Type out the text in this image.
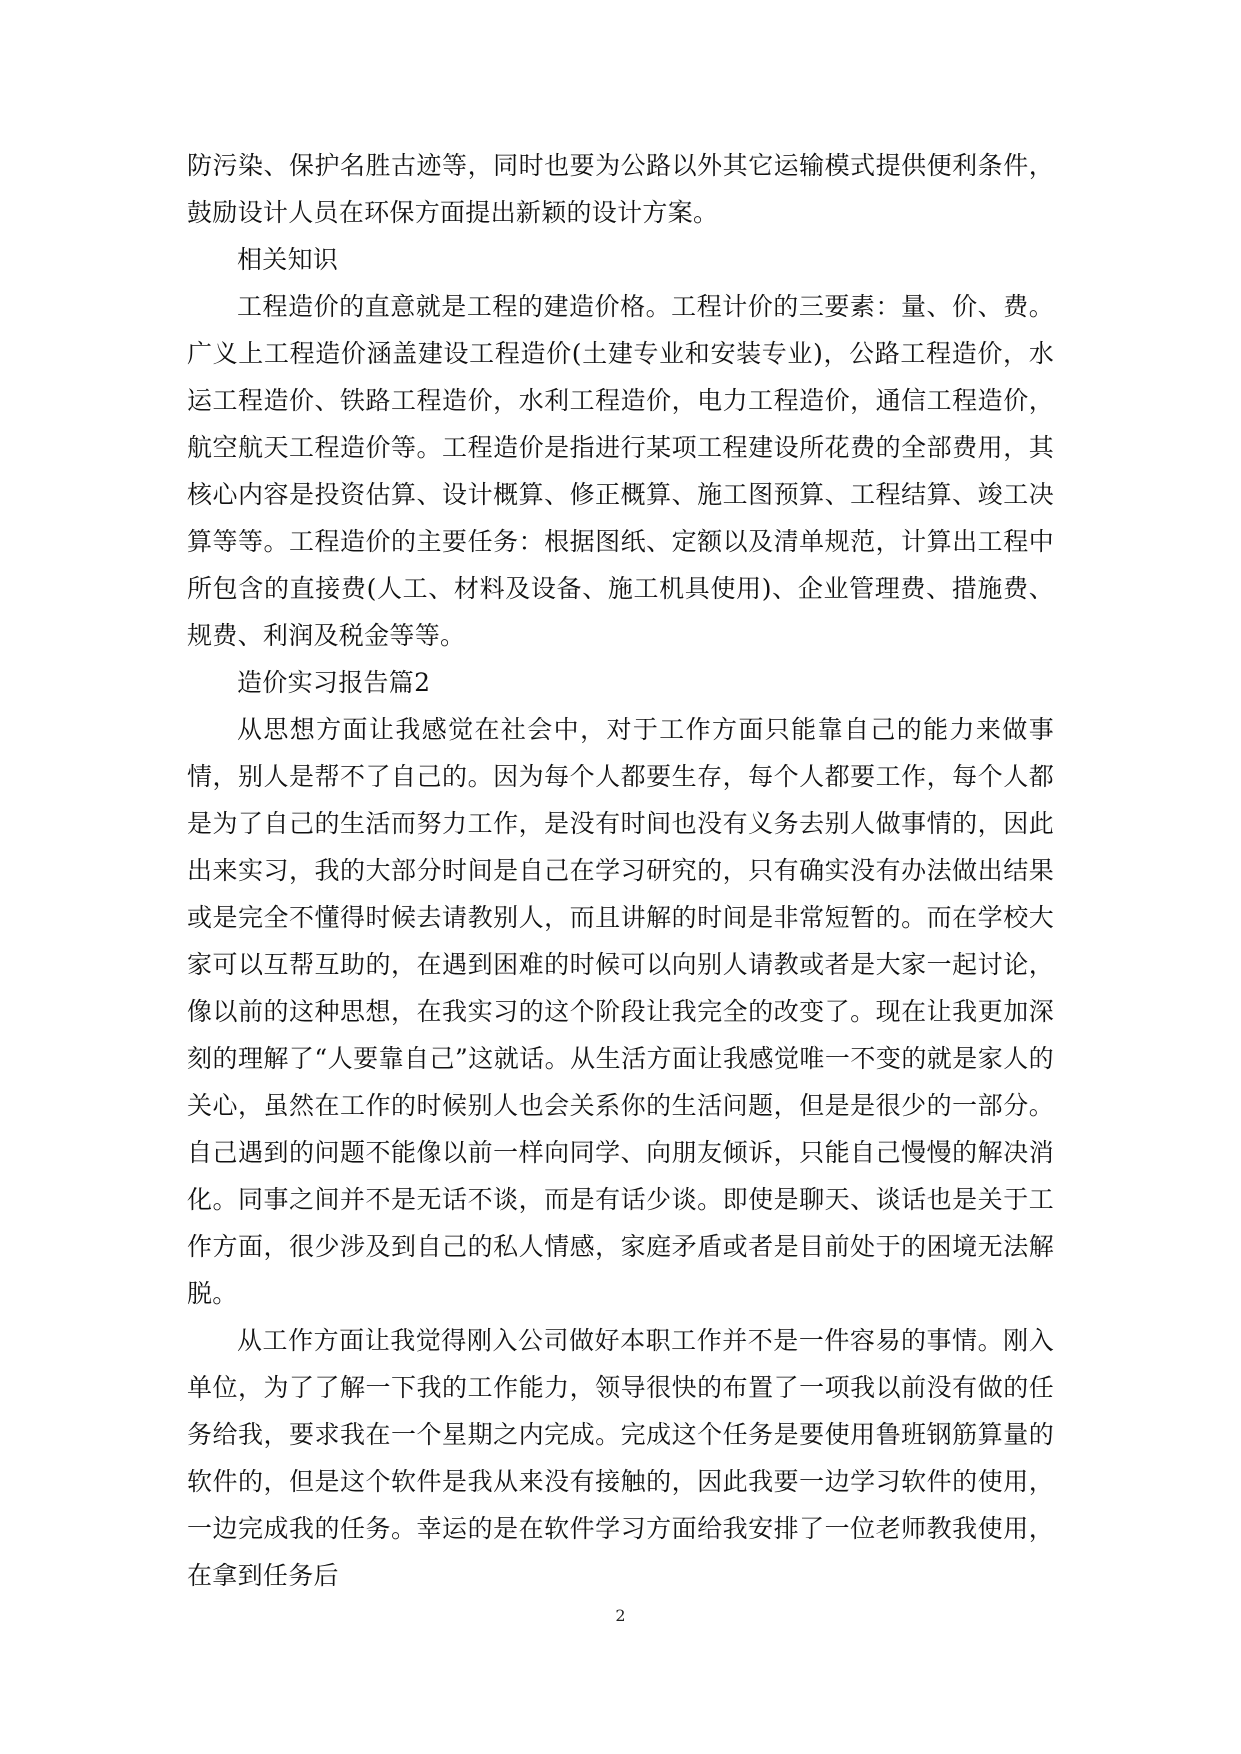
防污染、保护名胜古迹等，同时也要为公路以外其它运输模式提供便利条件，鼓励设计人员在环保方面提出新颖的设计方案。

相关知识

工程造价的直意就是工程的建造价格。工程计价的三要素：量、价、费。广义上工程造价涵盖建设工程造价(土建专业和安装专业)，公路工程造价，水运工程造价、铁路工程造价，水利工程造价，电力工程造价，通信工程造价，航空航天工程造价等。工程造价是指进行某项工程建设所花费的全部费用，其核心内容是投资估算、设计概算、修正概算、施工图预算、工程结算、竣工决算等等。工程造价的主要任务：根据图纸、定额以及清单规范，计算出工程中所包含的直接费(人工、材料及设备、施工机具使用)、企业管理费、措施费、规费、利润及税金等等。

造价实习报告篇2

从思想方面让我感觉在社会中，对于工作方面只能靠自己的能力来做事情，别人是帮不了自己的。因为每个人都要生存，每个人都要工作，每个人都是为了自己的生活而努力工作，是没有时间也没有义务去别人做事情的，因此出来实习，我的大部分时间是自己在学习研究的，只有确实没有办法做出结果或是完全不懂得时候去请教别人，而且讲解的时间是非常短暂的。而在学校大家可以互帮互助的，在遇到困难的时候可以向别人请教或者是大家一起讨论，像以前的这种思想，在我实习的这个阶段让我完全的改变了。现在让我更加深刻的理解了“人要靠自己”这就话。从生活方面让我感觉唯一不变的就是家人的关心，虽然在工作的时候别人也会关系你的生活问题，但是是很少的一部分。自己遇到的问题不能像以前一样向同学、向朋友倾诉，只能自己慢慢的解决消化。同事之间并不是无话不谈，而是有话少谈。即使是聊天、谈话也是关于工作方面，很少涉及到自己的私人情感，家庭矛盾或者是目前处于的困境无法解脱。

从工作方面让我觉得刚入公司做好本职工作并不是一件容易的事情。刚入单位，为了了解一下我的工作能力，领导很快的布置了一项我以前没有做的任务给我，要求我在一个星期之内完成。完成这个任务是要使用鲁班钢筋算量的软件的，但是这个软件是我从来没有接触的，因此我要一边学习软件的使用，一边完成我的任务。幸运的是在软件学习方面给我安排了一位老师教我使用，在拿到任务后

2
